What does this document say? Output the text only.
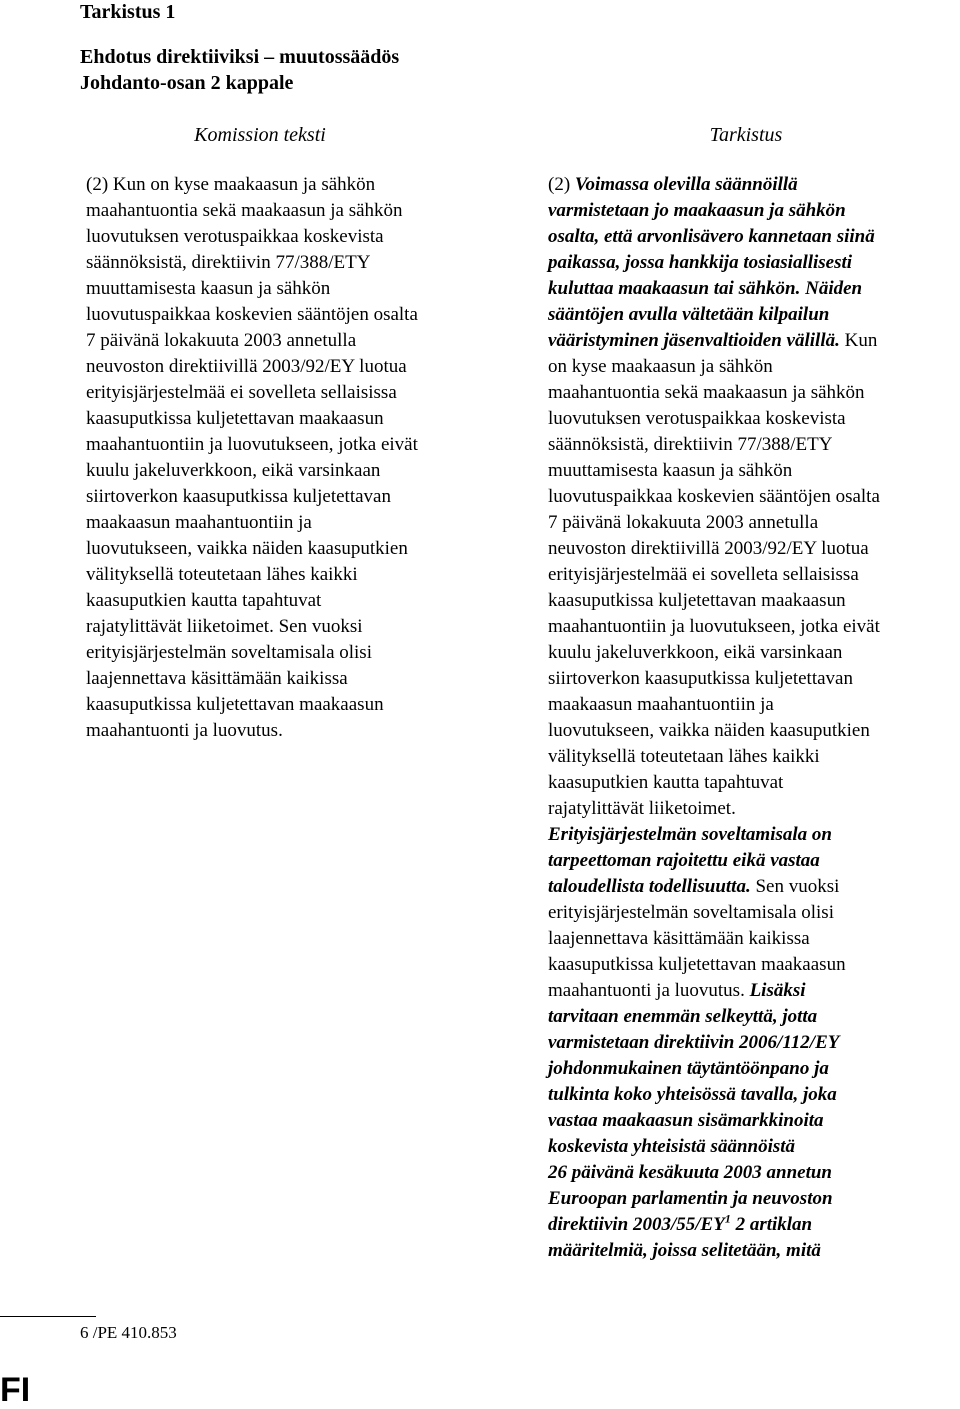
Tarkistus 1
Ehdotus direktiiviksi – muutossäädös
Johdanto-osan 2 kappale
Komission teksti	Tarkistus
(2) Kun on kyse maakaasun ja sähkön
maahantuontia sekä maakaasun ja sähkön
luovutuksen verotuspaikkaa koskevista
säännöksistä, direktiivin 77/388/ETY
muuttamisesta kaasun ja sähkön
luovutuspaikkaa koskevien sääntöjen osalta
7 päivänä lokakuuta 2003 annetulla
neuvoston direktiivillä 2003/92/EY luotua
erityisjärjestelmää ei sovelleta sellaisissa
kaasuputkissa kuljetettavan maakaasun
maahantuontiin ja luovutukseen, jotka eivät
kuulu jakeluverkkoon, eikä varsinkaan
siirtoverkon kaasuputkissa kuljetettavan
maakaasun maahantuontiin ja
luovutukseen, vaikka näiden kaasuputkien
välityksellä toteutetaan lähes kaikki
kaasuputkien kautta tapahtuvat
rajatylittävät liiketoimet. Sen vuoksi
erityisjärjestelmän soveltamisala olisi
laajennettava käsittämään kaikissa
kaasuputkissa kuljetettavan maakaasun
maahantuonti ja luovutus.
(2) Voimassa olevilla säännöillä
varmistetaan jo maakaasun ja sähkön
osalta, että arvonlisävero kannetaan siinä
paikassa, jossa hankkija tosiasiallisesti
kuluttaa maakaasun tai sähkön. Näiden
sääntöjen avulla vältetään kilpailun
vääristyminen jäsenvaltioiden välillä. Kun
on kyse maakaasun ja sähkön
maahantuontia sekä maakaasun ja sähkön
luovutuksen verotuspaikkaa koskevista
säännöksistä, direktiivin 77/388/ETY
muuttamisesta kaasun ja sähkön
luovutuspaikkaa koskevien sääntöjen osalta
7 päivänä lokakuuta 2003 annetulla
neuvoston direktiivillä 2003/92/EY luotua
erityisjärjestelmää ei sovelleta sellaisissa
kaasuputkissa kuljetettavan maakaasun
maahantuontiin ja luovutukseen, jotka eivät
kuulu jakeluverkkoon, eikä varsinkaan
siirtoverkon kaasuputkissa kuljetettavan
maakaasun maahantuontiin ja
luovutukseen, vaikka näiden kaasuputkien
välityksellä toteutetaan lähes kaikki
kaasuputkien kautta tapahtuvat
rajatylittävät liiketoimet.
Erityisjärjestelmän soveltamisala on
tarpeettoman rajoitettu eikä vastaa
taloudellista todellisuutta. Sen vuoksi
erityisjärjestelmän soveltamisala olisi
laajennettava käsittämään kaikissa
kaasuputkissa kuljetettavan maakaasun
maahantuonti ja luovutus. Lisäksi
tarvitaan enemmän selkeyttä, jotta
varmistetaan direktiivin 2006/112/EY
johdonmukainen täytäntöönpano ja
tulkinta koko yhteisössä tavalla, joka
vastaa maakaasun sisämarkkinoita
koskevista yhteisistä säännöistä
26 päivänä kesäkuuta 2003 annetun
Euroopan parlamentin ja neuvoston
direktiivin $2003/55/EY^1$ 2 artiklan
määritelmiä, joissa selitetään, mitä
6 /PE 410.853
FI
